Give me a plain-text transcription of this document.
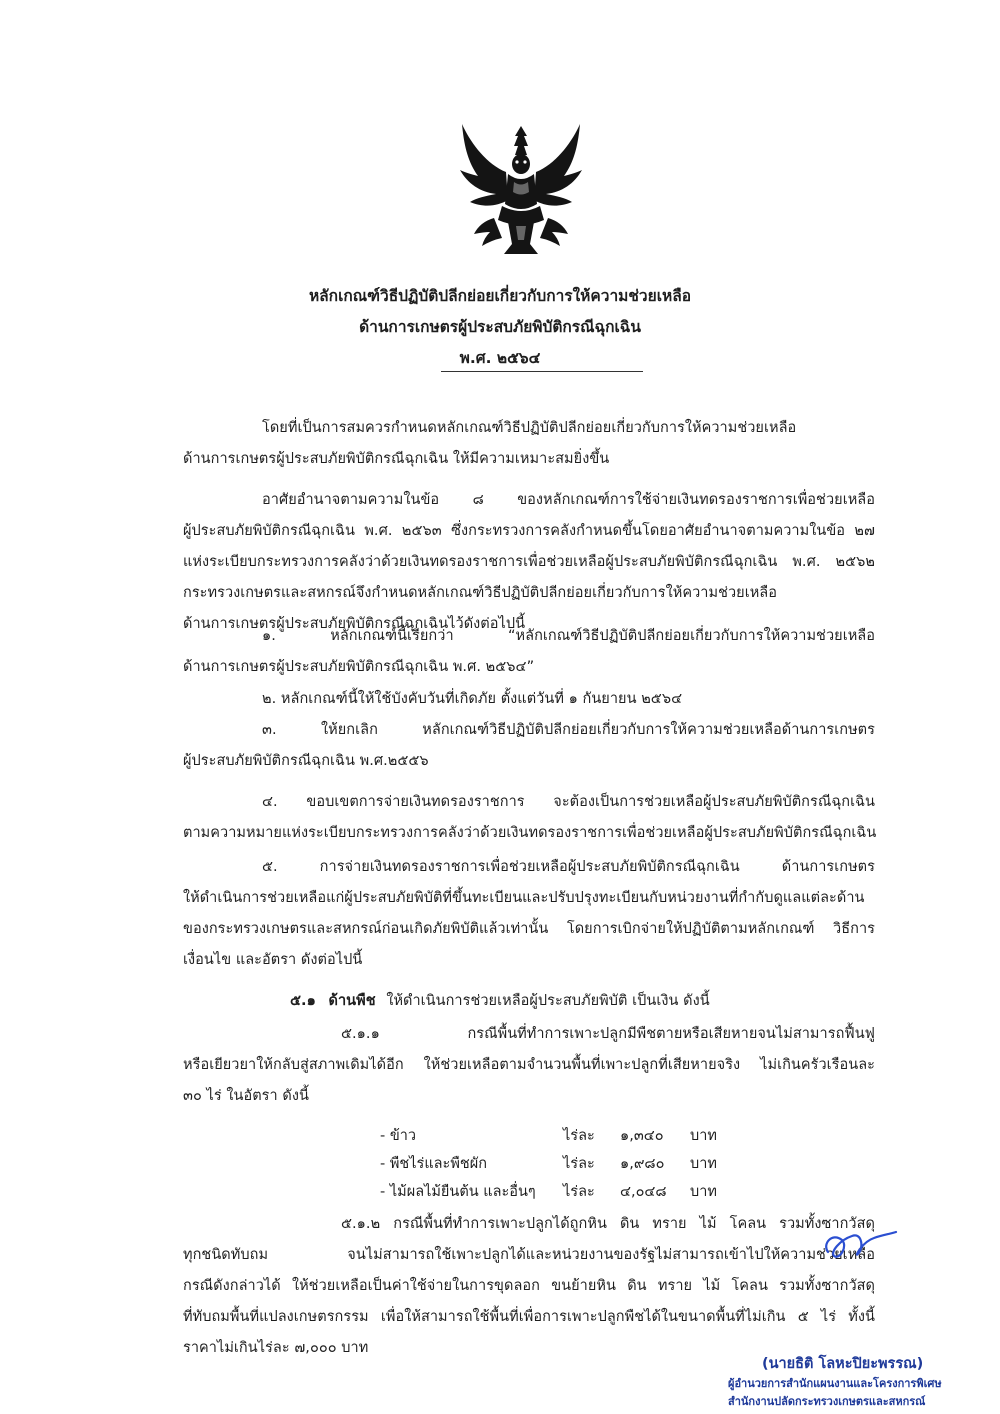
หลักเกณฑ์วิธีปฏิบัติปลีกย่อยเกี่ยวกับการให้ความช่วยเหลือ
ด้านการเกษตรผู้ประสบภัยพิบัติกรณีฉุกเฉิน
พ.ศ. ๒๕๖๔
โดยที่เป็นการสมควรกำหนดหลักเกณฑ์วิธีปฏิบัติปลีกย่อยเกี่ยวกับการให้ความช่วยเหลือ
ด้านการเกษตรผู้ประสบภัยพิบัติกรณีฉุกเฉิน ให้มีความเหมาะสมยิ่งขึ้น
อาศัยอำนาจตามความในข้อ ๘ ของหลักเกณฑ์การใช้จ่ายเงินทดรองราชการเพื่อช่วยเหลือ
ผู้ประสบภัยพิบัติกรณีฉุกเฉิน พ.ศ. ๒๕๖๓ ซึ่งกระทรวงการคลังกำหนดขึ้นโดยอาศัยอำนาจตามความในข้อ ๒๗
แห่งระเบียบกระทรวงการคลังว่าด้วยเงินทดรองราชการเพื่อช่วยเหลือผู้ประสบภัยพิบัติกรณีฉุกเฉิน พ.ศ. ๒๕๖๒
กระทรวงเกษตรและสหกรณ์จึงกำหนดหลักเกณฑ์วิธีปฏิบัติปลีกย่อยเกี่ยวกับการให้ความช่วยเหลือ
ด้านการเกษตรผู้ประสบภัยพิบัติกรณีฉุกเฉินไว้ดังต่อไปนี้
๑. หลักเกณฑ์นี้เรียกว่า “หลักเกณฑ์วิธีปฏิบัติปลีกย่อยเกี่ยวกับการให้ความช่วยเหลือ
ด้านการเกษตรผู้ประสบภัยพิบัติกรณีฉุกเฉิน พ.ศ. ๒๕๖๔”
๒. หลักเกณฑ์นี้ให้ใช้บังคับวันที่เกิดภัย ตั้งแต่วันที่ ๑ กันยายน ๒๕๖๔
๓. ให้ยกเลิก หลักเกณฑ์วิธีปฏิบัติปลีกย่อยเกี่ยวกับการให้ความช่วยเหลือด้านการเกษตร
ผู้ประสบภัยพิบัติกรณีฉุกเฉิน พ.ศ.๒๕๕๖
๔. ขอบเขตการจ่ายเงินทดรองราชการ จะต้องเป็นการช่วยเหลือผู้ประสบภัยพิบัติกรณีฉุกเฉิน
ตามความหมายแห่งระเบียบกระทรวงการคลังว่าด้วยเงินทดรองราชการเพื่อช่วยเหลือผู้ประสบภัยพิบัติกรณีฉุกเฉิน
๕. การจ่ายเงินทดรองราชการเพื่อช่วยเหลือผู้ประสบภัยพิบัติกรณีฉุกเฉิน ด้านการเกษตร
ให้ดำเนินการช่วยเหลือแก่ผู้ประสบภัยพิบัติที่ขึ้นทะเบียนและปรับปรุงทะเบียนกับหน่วยงานที่กำกับดูแลแต่ละด้าน
ของกระทรวงเกษตรและสหกรณ์ก่อนเกิดภัยพิบัติแล้วเท่านั้น โดยการเบิกจ่ายให้ปฏิบัติตามหลักเกณฑ์ วิธีการ
เงื่อนไข และอัตรา ดังต่อไปนี้
๕.๑ ด้านพืช ให้ดำเนินการช่วยเหลือผู้ประสบภัยพิบัติ เป็นเงิน ดังนี้
๕.๑.๑ กรณีพื้นที่ทำการเพาะปลูกมีพืชตายหรือเสียหายจนไม่สามารถฟื้นฟู
หรือเยียวยาให้กลับสู่สภาพเดิมได้อีก ให้ช่วยเหลือตามจำนวนพื้นที่เพาะปลูกที่เสียหายจริง ไม่เกินครัวเรือนละ
๓๐ ไร่ ในอัตรา ดังนี้
- ข้าว	ไร่ละ ๑,๓๔๐ บาท
- พืชไร่และพืชผัก	ไร่ละ ๑,๙๘๐ บาท
- ไม้ผลไม้ยืนต้น และอื่นๆ ไร่ละ ๔,๐๔๘ บาท
๕.๑.๒ กรณีพื้นที่ทำการเพาะปลูกได้ถูกหิน ดิน ทราย ไม้ โคลน รวมทั้งซากวัสดุ
ทุกชนิดทับถม จนไม่สามารถใช้เพาะปลูกได้และหน่วยงานของรัฐไม่สามารถเข้าไปให้ความช่วยเหลือ
กรณีดังกล่าวได้ ให้ช่วยเหลือเป็นค่าใช้จ่ายในการขุดลอก ขนย้ายหิน ดิน ทราย ไม้ โคลน รวมทั้งซากวัสดุ
ที่ทับถมพื้นที่แปลงเกษตรกรรม เพื่อให้สามารถใช้พื้นที่เพื่อการเพาะปลูกพืชได้ในขนาดพื้นที่ไม่เกิน ๕ ไร่ ทั้งนี้
ราคาไม่เกินไร่ละ ๗,๐๐๐ บาท
(นายธิติ โลหะปิยะพรรณ)
ผู้อำนวยการสำนักแผนงานและโครงการพิเศษ
สำนักงานปลัดกระทรวงเกษตรและสหกรณ์
